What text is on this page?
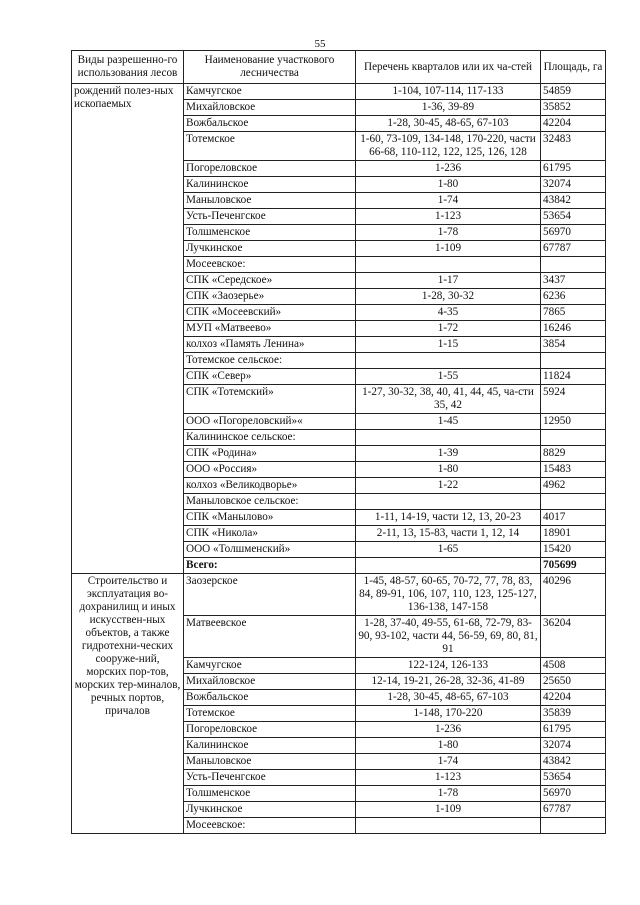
55
Виды разрешенно-го использования лесов	Наименование участкового лесничества	Перечень кварталов или их ча-стей	Площадь, га
рождений полез-ных ископаемых	Камчугское	1-104, 107-114, 117-133	54859
	Михайловское	1-36, 39-89	35852
	Вожбальское	1-28, 30-45, 48-65, 67-103	42204
	Тотемское	1-60, 73-109, 134-148, 170-220, части 66-68, 110-112, 122, 125, 126, 128	32483
	Погореловское	1-236	61795
	Калининское	1-80	32074
	Маныловское	1-74	43842
	Усть-Печенгское	1-123	53654
	Толшменское	1-78	56970
	Лучкинское	1-109	67787
	Мосеевское:		
	СПК «Середское»	1-17	3437
	СПК «Заозерье»	1-28, 30-32	6236
	СПК «Мосеевский»	4-35	7865
	МУП «Матвеево»	1-72	16246
	колхоз «Память Ленина»	1-15	3854
	Тотемское сельское:		
	СПК «Север»	1-55	11824
	СПК «Тотемский»	1-27, 30-32, 38, 40, 41, 44, 45, ча-сти 35, 42	5924
	ООО «Погореловский»«	1-45	12950
	Калининское сельское:		
	СПК «Родина»	1-39	8829
	ООО «Россия»	1-80	15483
	колхоз «Великодворье»	1-22	4962
	Маныловское сельское:		
	СПК «Манылово»	1-11, 14-19, части 12, 13, 20-23	4017
	СПК «Никола»	2-11, 13, 15-83, части 1, 12, 14	18901
	ООО «Толшменский»	1-65	15420
	Всего:		705699
Строительство и эксплуатация во-дохранилищ и иных искусствен-ных объектов, а также гидротехни-ческих сооруже-ний, морских пор-тов, морских тер-миналов, речных портов, причалов	Заозерское	1-45, 48-57, 60-65, 70-72, 77, 78, 83, 84, 89-91, 106, 107, 110, 123, 125-127, 136-138, 147-158	40296
	Матвеевское	1-28, 37-40, 49-55, 61-68, 72-79, 83-90, 93-102, части 44, 56-59, 69, 80, 81, 91	36204
	Камчугское	122-124, 126-133	4508
	Михайловское	12-14, 19-21, 26-28, 32-36, 41-89	25650
	Вожбальское	1-28, 30-45, 48-65, 67-103	42204
	Тотемское	1-148, 170-220	35839
	Погореловское	1-236	61795
	Калининское	1-80	32074
	Маныловское	1-74	43842
	Усть-Печенгское	1-123	53654
	Толшменское	1-78	56970
	Лучкинское	1-109	67787
	Мосеевское:		
